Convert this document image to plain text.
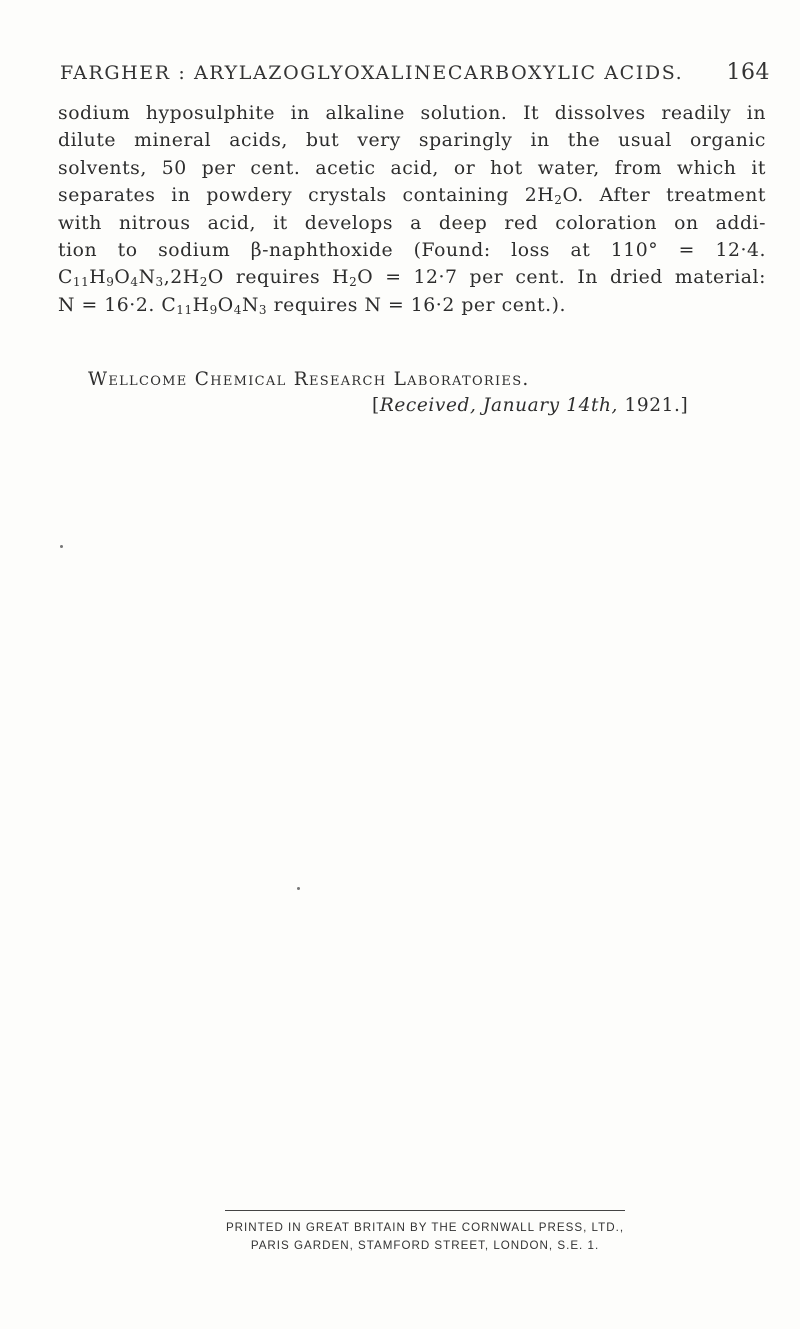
FARGHER : ARYLAZOGLYOXALINECARBOXYLIC ACIDS. 164
sodium hyposulphite in alkaline solution. It dissolves readily in
dilute mineral acids, but very sparingly in the usual organic
solvents, 50 per cent. acetic acid, or hot water, from which it
separates in powdery crystals containing $2H_2O$. After treatment
with nitrous acid, it develops a deep red coloration on addi-
tion to sodium β-naphthoxide (Found: loss at 110° = 12·4.
$C_{11}H_9O_4N_3,2H_2O$ requires $H_2O = 12\cdot 7$ per cent. In dried material:
N = 16·2. $C_{11}H_9O_4N_3$ requires N = 16·2 per cent.).
Wellcome Chemical Research Laboratories.
[Received, January 14th, 1921.]
PRINTED IN GREAT BRITAIN BY THE CORNWALL PRESS, LTD.,
PARIS GARDEN, STAMFORD STREET, LONDON, S.E. 1.
